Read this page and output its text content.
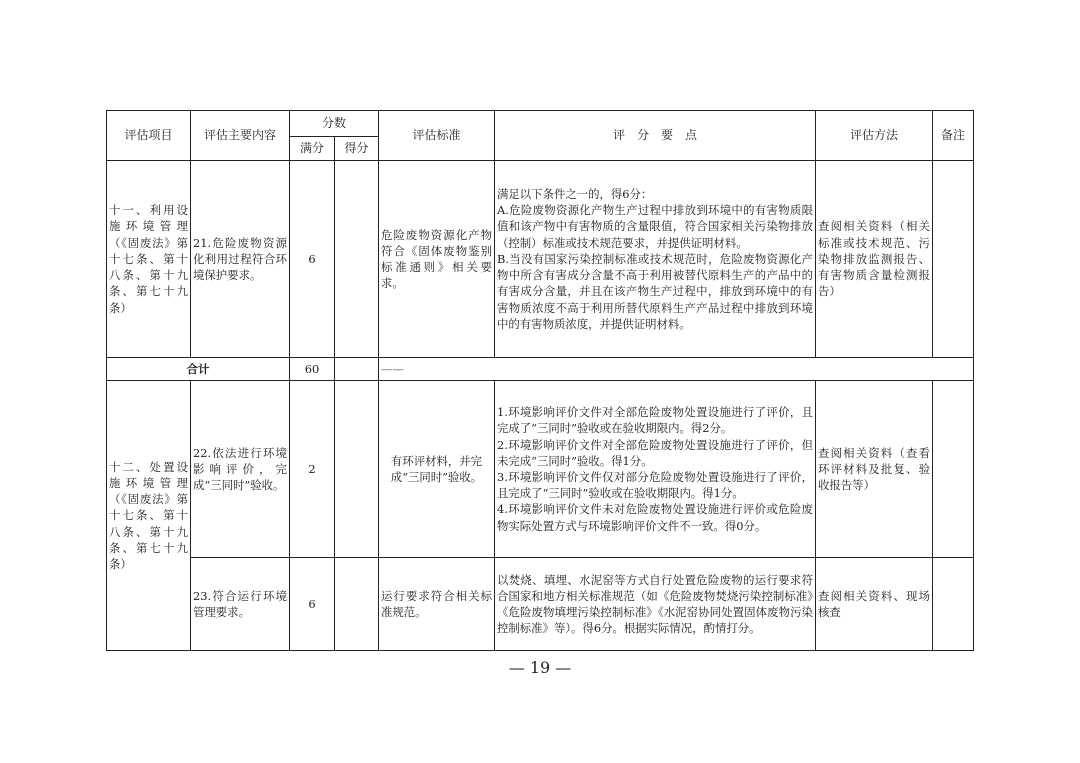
评估项目	评估主要内容	分数		评估标准	评　分　要　点	评估方法	备注
		满分	得分				
十一、利用设施环境管理（《固废法》第十七条、第十八条、第十九条、第七十九条）	21.危险废物资源化利用过程符合环境保护要求。	6		危险废物资源化产物符合《固体废物鉴别标准通则》相关要求。	满足以下条件之一的，得6分：
A.危险废物资源化产物生产过程中排放到环境中的有害物质限值和该产物中有害物质的含量限值，符合国家相关污染物排放（控制）标准或技术规范要求，并提供证明材料。
B.当没有国家污染控制标准或技术规范时，危险废物资源化产物中所含有害成分含量不高于利用被替代原料生产的产品中的有害成分含量，并且在该产物生产过程中，排放到环境中的有害物质浓度不高于利用所替代原料生产产品过程中排放到环境中的有害物质浓度，并提供证明材料。	查阅相关资料（相关标准或技术规范、污染物排放监测报告、有害物质含量检测报告）	
合计		60		——			
十二、处置设施环境管理（《固废法》第十七条、第十八条、第十九条、第七十九条）	22.依法进行环境影响评价，完成“三同时”验收。	2		有环评材料，并完成“三同时”验收。	1.环境影响评价文件对全部危险废物处置设施进行了评价，且完成了“三同时”验收或在验收期限内。得2分。
2.环境影响评价文件对全部危险废物处置设施进行了评价，但未完成“三同时”验收。得1分。
3.环境影响评价文件仅对部分危险废物处置设施进行了评价，且完成了“三同时”验收或在验收期限内。得1分。
4.环境影响评价文件未对危险废物处置设施进行评价或危险废物实际处置方式与环境影响评价文件不一致。得0分。	查阅相关资料（查看环评材料及批复、验收报告等）	
	23.符合运行环境管理要求。	6		运行要求符合相关标准规范。	以焚烧、填埋、水泥窑等方式自行处置危险废物的运行要求符合国家和地方相关标准规范（如《危险废物焚烧污染控制标准》《危险废物填埋污染控制标准》《水泥窑协同处置固体废物污染控制标准》等）。得6分。根据实际情况，酌情打分。	查阅相关资料、现场核查	
— 19 —
